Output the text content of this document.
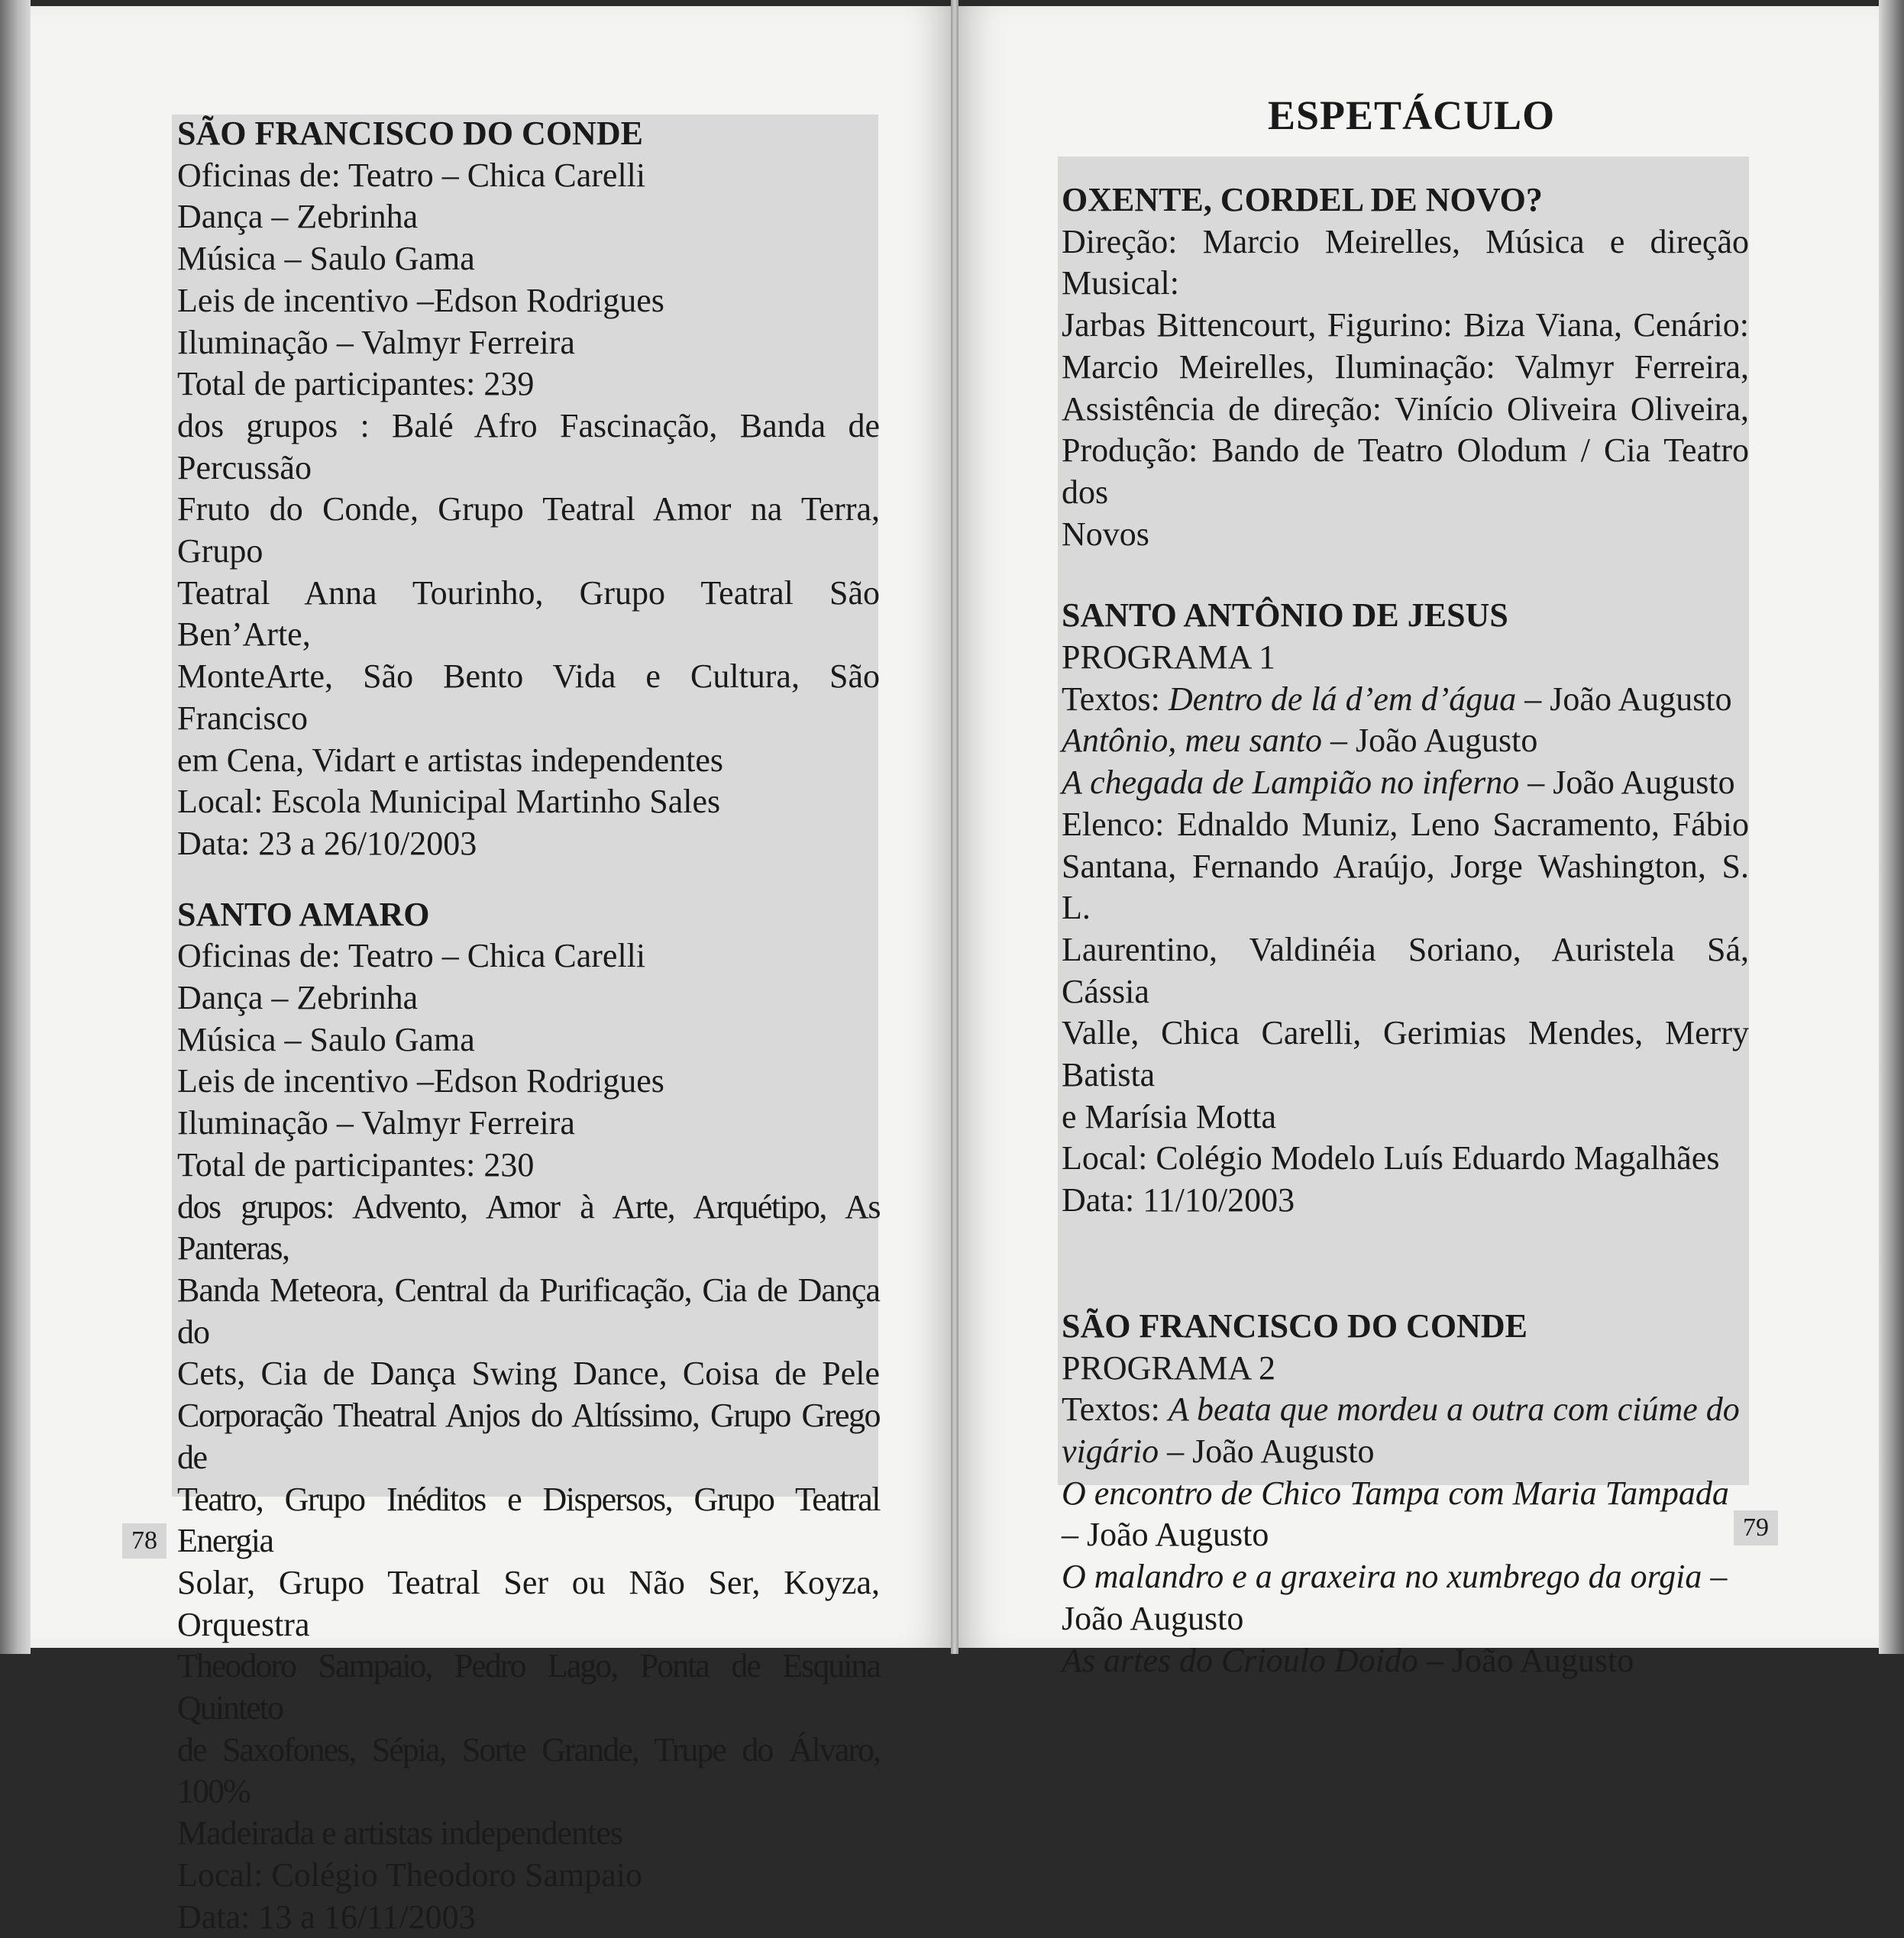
SÃO FRANCISCO DO CONDE
Oficinas de: Teatro – Chica Carelli
Dança – Zebrinha
Música – Saulo Gama
Leis de incentivo –Edson Rodrigues
Iluminação – Valmyr Ferreira
Total de participantes: 239
dos grupos : Balé Afro Fascinação, Banda de Percussão
Fruto do Conde, Grupo Teatral Amor na Terra, Grupo
Teatral Anna Tourinho, Grupo Teatral São Ben’Arte,
MonteArte, São Bento Vida e Cultura, São Francisco
em Cena, Vidart e artistas independentes
Local: Escola Municipal Martinho Sales
Data: 23 a 26/10/2003
SANTO AMARO
Oficinas de: Teatro – Chica Carelli
Dança – Zebrinha
Música – Saulo Gama
Leis de incentivo –Edson Rodrigues
Iluminação – Valmyr Ferreira
Total de participantes: 230
dos grupos: Advento, Amor à Arte, Arquétipo, As Panteras,
Banda Meteora, Central da Purificação, Cia de Dança do
Cets, Cia de Dança Swing Dance, Coisa de Pele
Corporação Theatral Anjos do Altíssimo, Grupo Grego de
Teatro, Grupo Inéditos e Dispersos, Grupo Teatral Energia
Solar, Grupo Teatral Ser ou Não Ser, Koyza, Orquestra
Theodoro Sampaio, Pedro Lago, Ponta de Esquina Quinteto
de Saxofones, Sépia, Sorte Grande, Trupe do Álvaro, 100%
Madeirada e artistas independentes
Local: Colégio Theodoro Sampaio
Data: 13 a 16/11/2003
78
ESPETÁCULO
OXENTE, CORDEL DE NOVO?
Direção: Marcio Meirelles, Música e direção Musical:
Jarbas Bittencourt, Figurino: Biza Viana, Cenário:
Marcio Meirelles, Iluminação: Valmyr Ferreira,
Assistência de direção: Vinício Oliveira Oliveira,
Produção: Bando de Teatro Olodum / Cia Teatro dos
Novos
SANTO ANTÔNIO DE JESUS
PROGRAMA 1
Textos: Dentro de lá d’em d’água – João Augusto
Antônio, meu santo – João Augusto
A chegada de Lampião no inferno – João Augusto
Elenco: Ednaldo Muniz, Leno Sacramento, Fábio
Santana, Fernando Araújo, Jorge Washington, S. L.
Laurentino, Valdinéia Soriano, Auristela Sá, Cássia
Valle, Chica Carelli, Gerimias Mendes, Merry Batista
e Marísia Motta
Local: Colégio Modelo Luís Eduardo Magalhães
Data: 11/10/2003
SÃO FRANCISCO DO CONDE
PROGRAMA 2
Textos: A beata que mordeu a outra com ciúme do
vigário – João Augusto
O encontro de Chico Tampa com Maria Tampada
– João Augusto
O malandro e a graxeira no xumbrego da orgia –
João Augusto
As artes do Crioulo Doido – João Augusto
79
